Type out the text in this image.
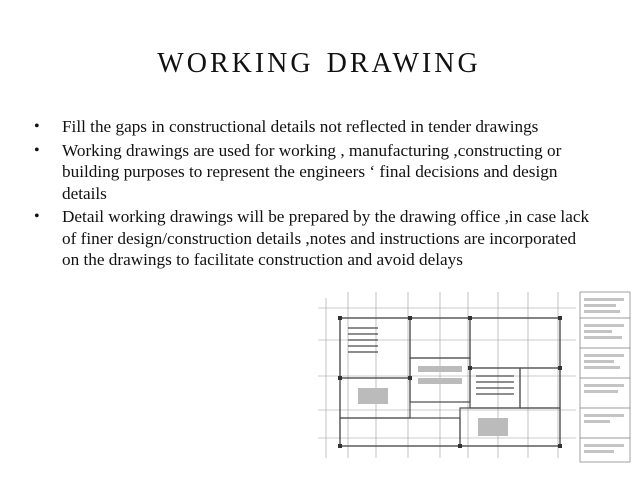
working drawing
• Fill the gaps in constructional details not reflected in tender drawings
• Working drawings are used for working , manufacturing ,constructing or building purposes to represent the engineers ‘ final decisions and design details
• Detail working drawings will be prepared by the drawing office ,in case lack of finer design/construction details ,notes and instructions are incorporated on the drawings to facilitate construction and avoid delays
